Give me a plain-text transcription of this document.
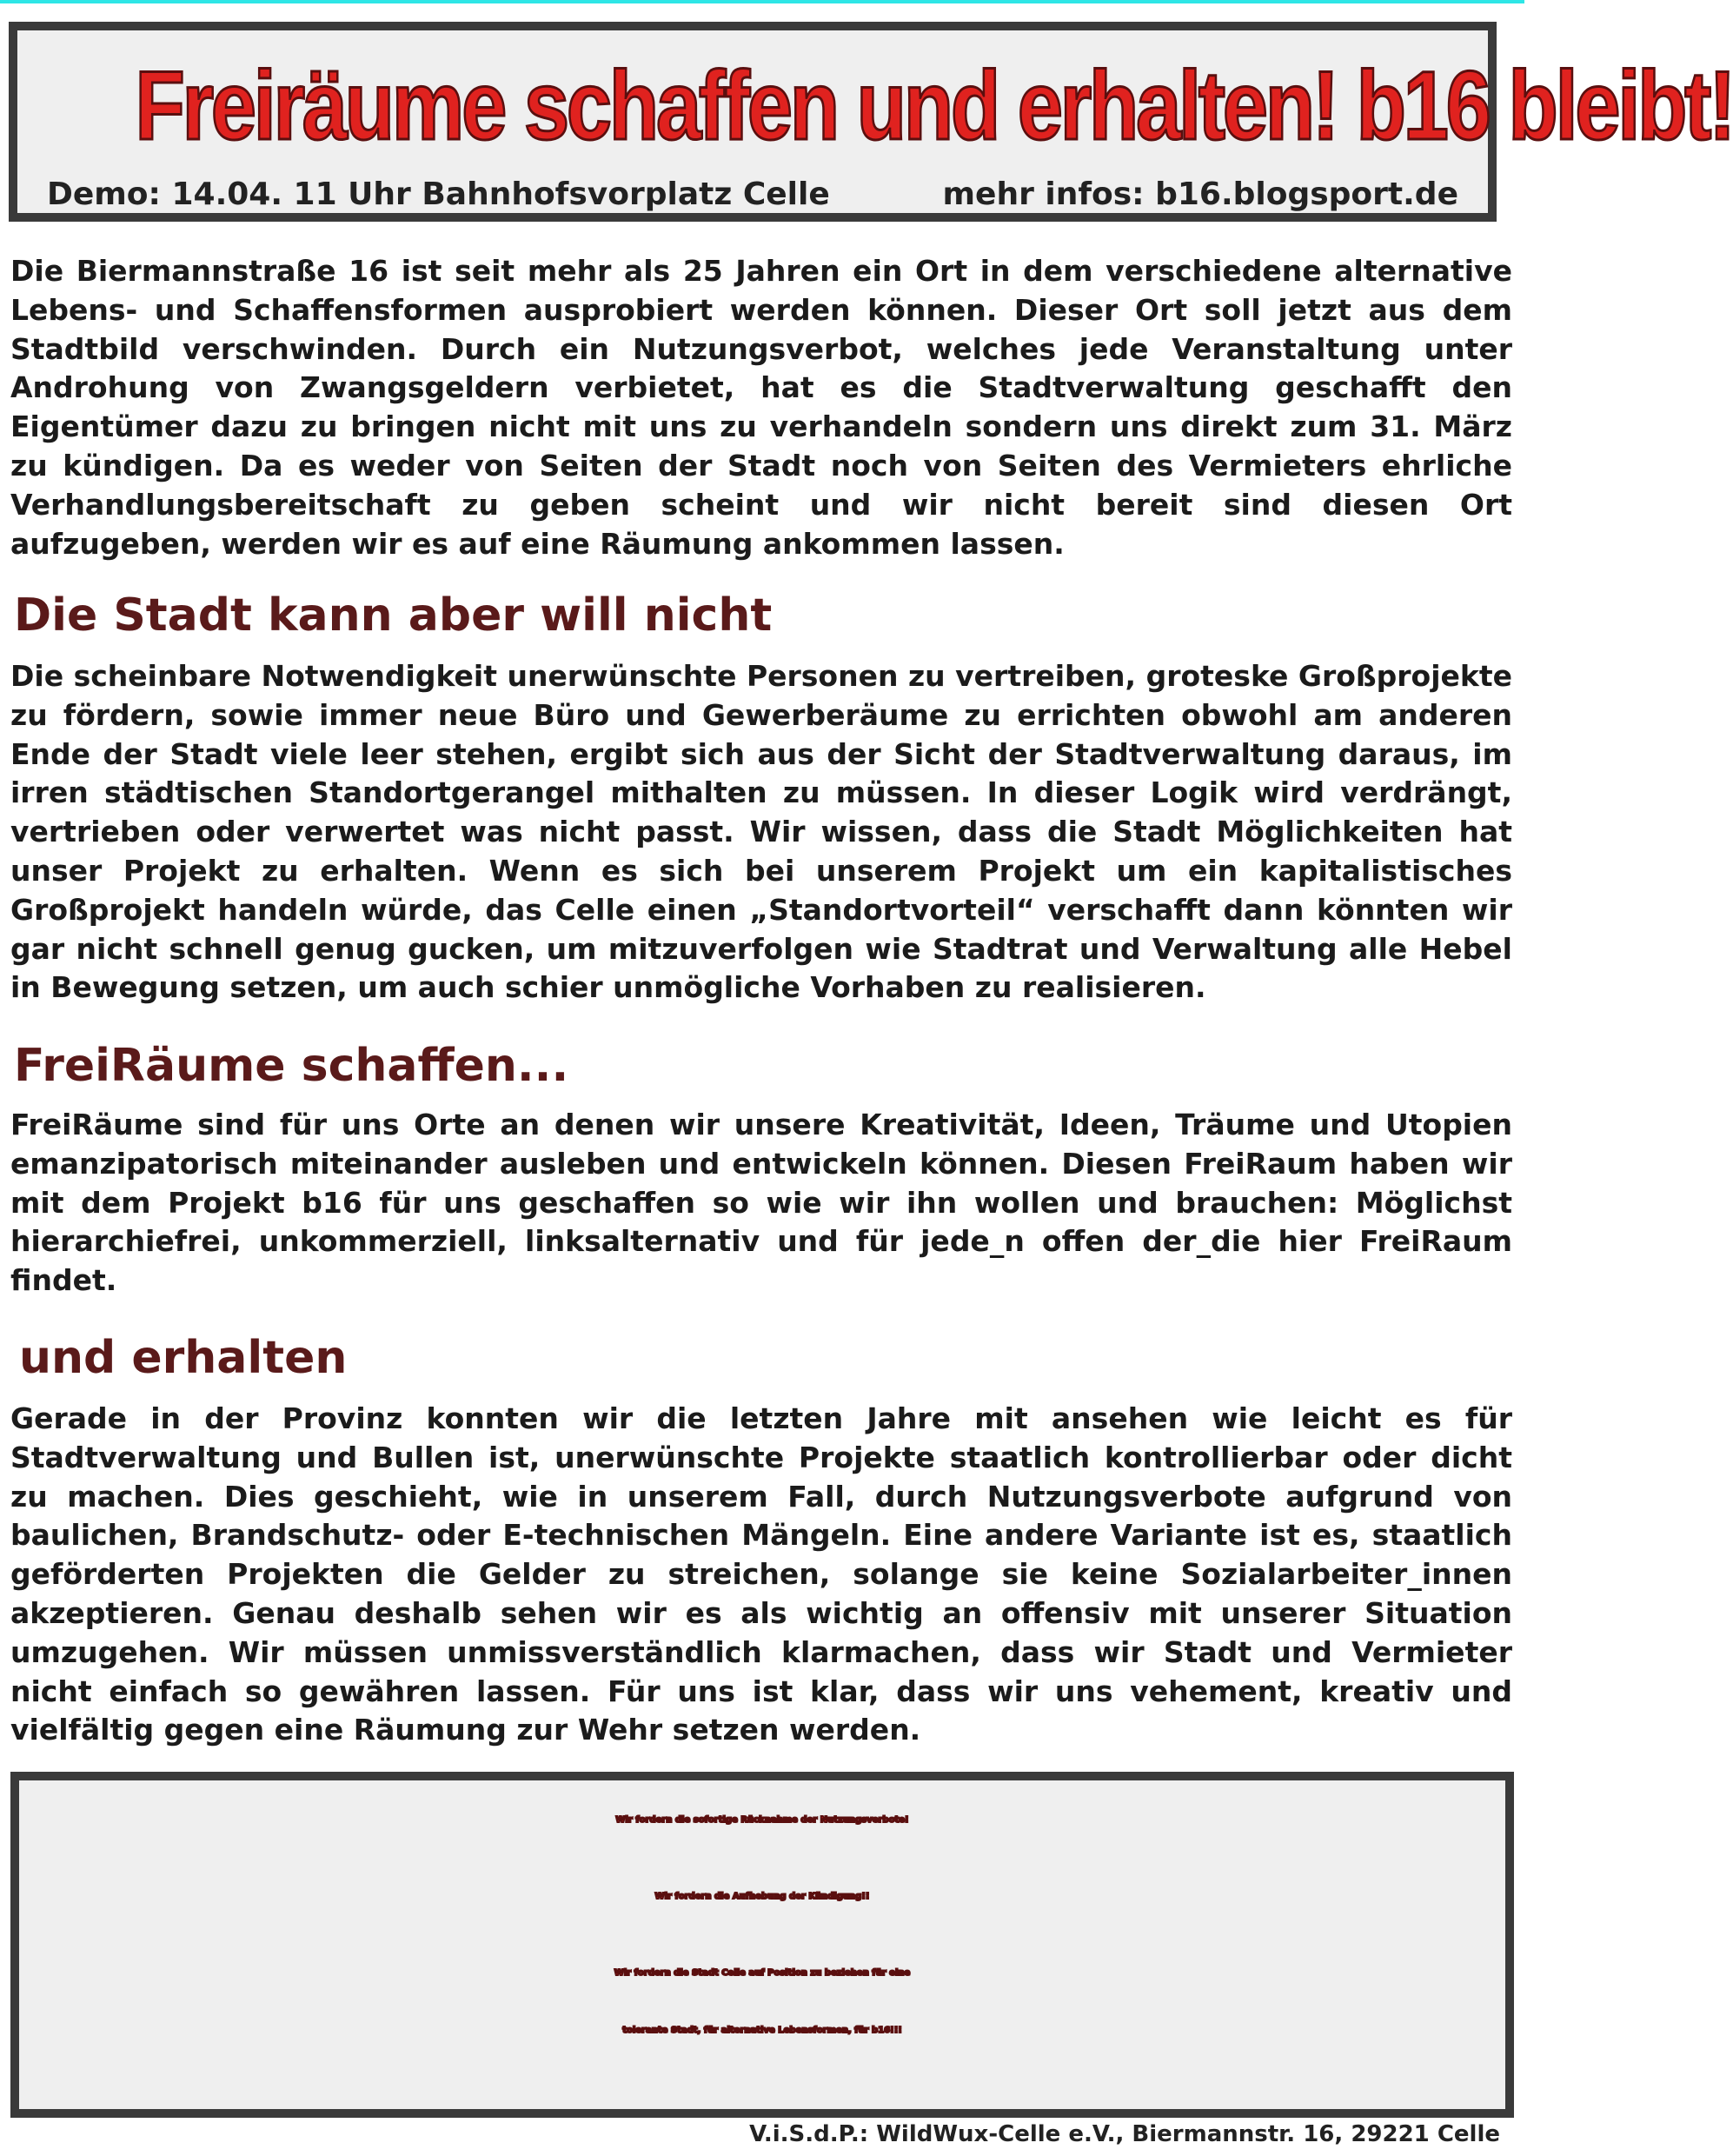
Freiräume schaffen und erhalten! b16 bleibt!
Demo: 14.04. 11 Uhr Bahnhofsvorplatz Celle	mehr infos: b16.blogsport.de

Die Biermannstraße 16 ist seit mehr als 25 Jahren ein Ort in dem verschiedene alternative Lebens- und Schaffensformen ausprobiert werden können. Dieser Ort soll jetzt aus dem Stadtbild verschwinden. Durch ein Nutzungsverbot, welches jede Veranstaltung unter Androhung von Zwangsgeldern verbietet, hat es die Stadtverwaltung geschafft den Eigentümer dazu zu bringen nicht mit uns zu verhandeln sondern uns direkt zum 31. März zu kündigen. Da es weder von Seiten der Stadt noch von Seiten des Vermieters ehrliche Verhandlungsbereitschaft zu geben scheint und wir nicht bereit sind diesen Ort aufzugeben, werden wir es auf eine Räumung ankommen lassen.

Die Stadt kann aber will nicht

Die scheinbare Notwendigkeit unerwünschte Personen zu vertreiben, groteske Großprojekte zu fördern, sowie immer neue Büro und Gewerberäume zu errichten obwohl am anderen Ende der Stadt viele leer stehen, ergibt sich aus der Sicht der Stadtverwaltung daraus, im irren städtischen Standortgerangel mithalten zu müssen. In dieser Logik wird verdrängt, vertrieben oder verwertet was nicht passt. Wir wissen, dass die Stadt Möglichkeiten hat unser Projekt zu erhalten. Wenn es sich bei unserem Projekt um ein kapitalistisches Großprojekt handeln würde, das Celle einen „Standortvorteil“ verschafft dann könnten wir gar nicht schnell genug gucken, um mitzuverfolgen wie Stadtrat und Verwaltung alle Hebel in Bewegung setzen, um auch schier unmögliche Vorhaben zu realisieren.

FreiRäume schaffen...

FreiRäume sind für uns Orte an denen wir unsere Kreativität, Ideen, Träume und Utopien emanzipatorisch miteinander ausleben und entwickeln können. Diesen FreiRaum haben wir mit dem Projekt b16 für uns geschaffen so wie wir ihn wollen und brauchen: Möglichst hierarchiefrei, unkommerziell, linksalternativ und für jede_n offen der_die hier FreiRaum findet.

und erhalten

Gerade in der Provinz konnten wir die letzten Jahre mit ansehen wie leicht es für Stadtverwaltung und Bullen ist, unerwünschte Projekte staatlich kontrollierbar oder dicht zu machen. Dies geschieht, wie in unserem Fall, durch Nutzungsverbote aufgrund von baulichen, Brandschutz- oder E-technischen Mängeln. Eine andere Variante ist es, staatlich geförderten Projekten die Gelder zu streichen, solange sie keine Sozialarbeiter_innen akzeptieren. Genau deshalb sehen wir es als wichtig an offensiv mit unserer Situation umzugehen. Wir müssen unmissverständlich klarmachen, dass wir Stadt und Vermieter nicht einfach so gewähren lassen. Für uns ist klar, dass wir uns vehement, kreativ und vielfältig gegen eine Räumung zur Wehr setzen werden.

Wir fordern die sofortige Rücknahme der Nutzungsverbote!
Wir fordern die Aufhebung der Kündigung!!
Wir fordern die Stadt Celle auf Position zu beziehen für eine
tolerante Stadt, für alternative Lebensformen, für b16!!!
V.i.S.d.P.: WildWux-Celle e.V., Biermannstr. 16, 29221 Celle
